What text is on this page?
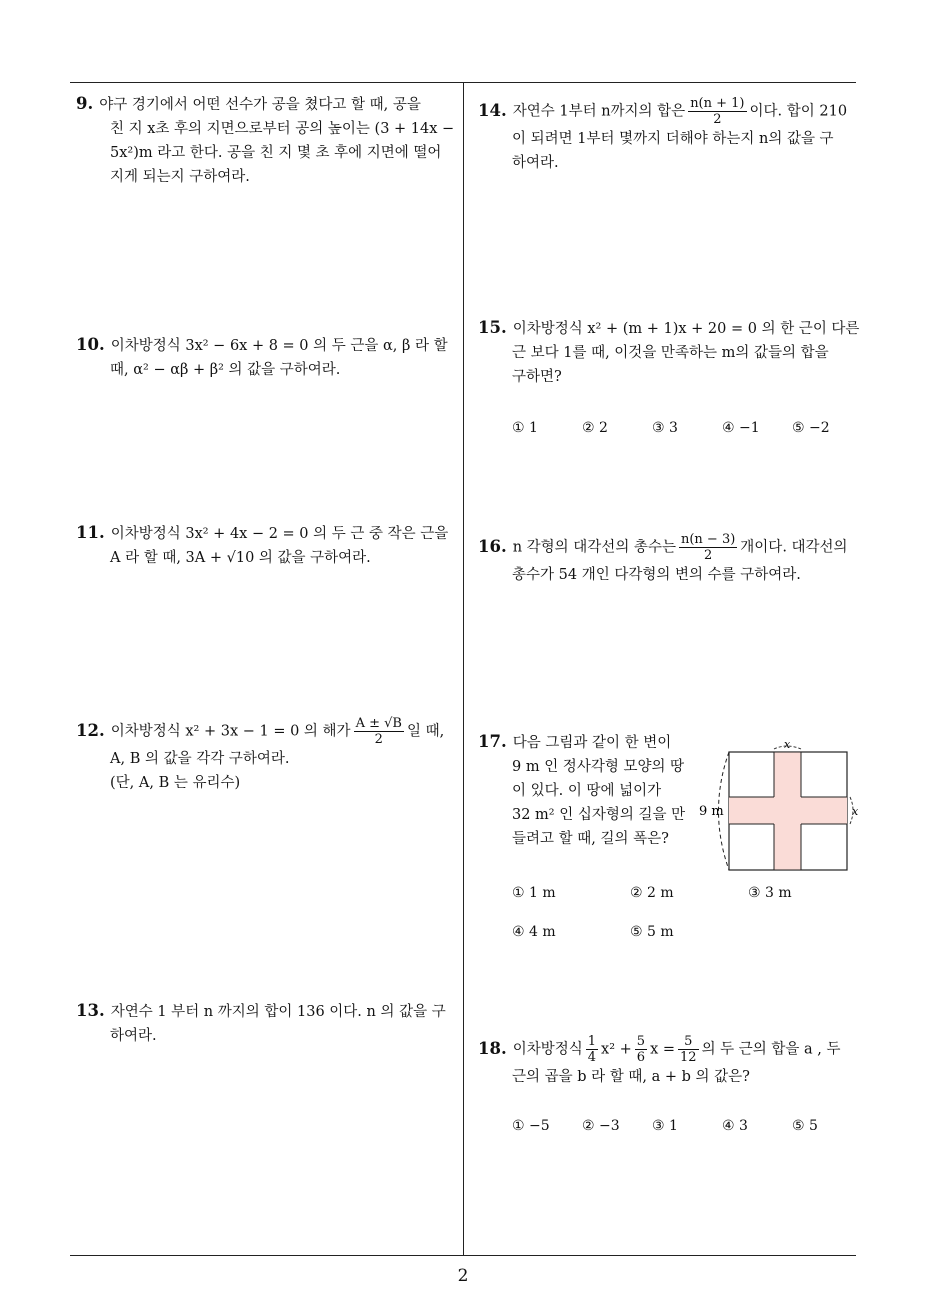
9. 야구 경기에서 어떤 선수가 공을 쳤다고 할 때, 공을
친 지 x초 후의 지면으로부터 공의 높이는 (3 + 14x −
5x²)m 라고 한다. 공을 친 지 몇 초 후에 지면에 떨어
지게 되는지 구하여라.
10. 이차방정식 3x² − 6x + 8 = 0 의 두 근을 α, β 라 할
때, α² − αβ + β² 의 값을 구하여라.
11. 이차방정식 3x² + 4x − 2 = 0 의 두 근 중 작은 근을
A 라 할 때, 3A + √10 의 값을 구하여라.
12. 이차방정식 x² + 3x − 1 = 0 의 해가 $\frac{A \pm √B}{2}$ 일 때,
A, B 의 값을 각각 구하여라.
(단, A, B 는 유리수)
13. 자연수 1 부터 n 까지의 합이 136 이다. n 의 값을 구
하여라.
14. 자연수 1부터 n까지의 합은 $\frac{n(n + 1)}{2}$ 이다. 합이 210
이 되려면 1부터 몇까지 더해야 하는지 n의 값을 구
하여라.
15. 이차방정식 x² + (m + 1)x + 20 = 0 의 한 근이 다른
근 보다 1를 때, 이것을 만족하는 m의 값들의 합을
구하면?
① 1	② 2	③ 3	④ −1 ⑤ −2
16. n 각형의 대각선의 총수는 $\frac{n(n - 3)}{2}$ 개이다. 대각선의
총수가 54 개인 다각형의 변의 수를 구하여라.
17. 다음 그림과 같이 한 변이
9 m 인 정사각형 모양의 땅
이 있다. 이 땅에 넓이가
32 m² 인 십자형의 길을 만
들려고 할 때, 길의 폭은?
9 m
x
x
① 1 m	② 2 m	③ 3 m
④ 4 m	⑤ 5 m
18. 이차방정식 $\frac{1}{4} x^2 + \frac{5}{6}$ $x = \frac{5}{12}$ 의 두 근의 합을 a , 두
근의 곱을 b 라 할 때, a + b 의 값은?
① −5 ② −3 ③ 1	④ 3	⑤ 5
2
